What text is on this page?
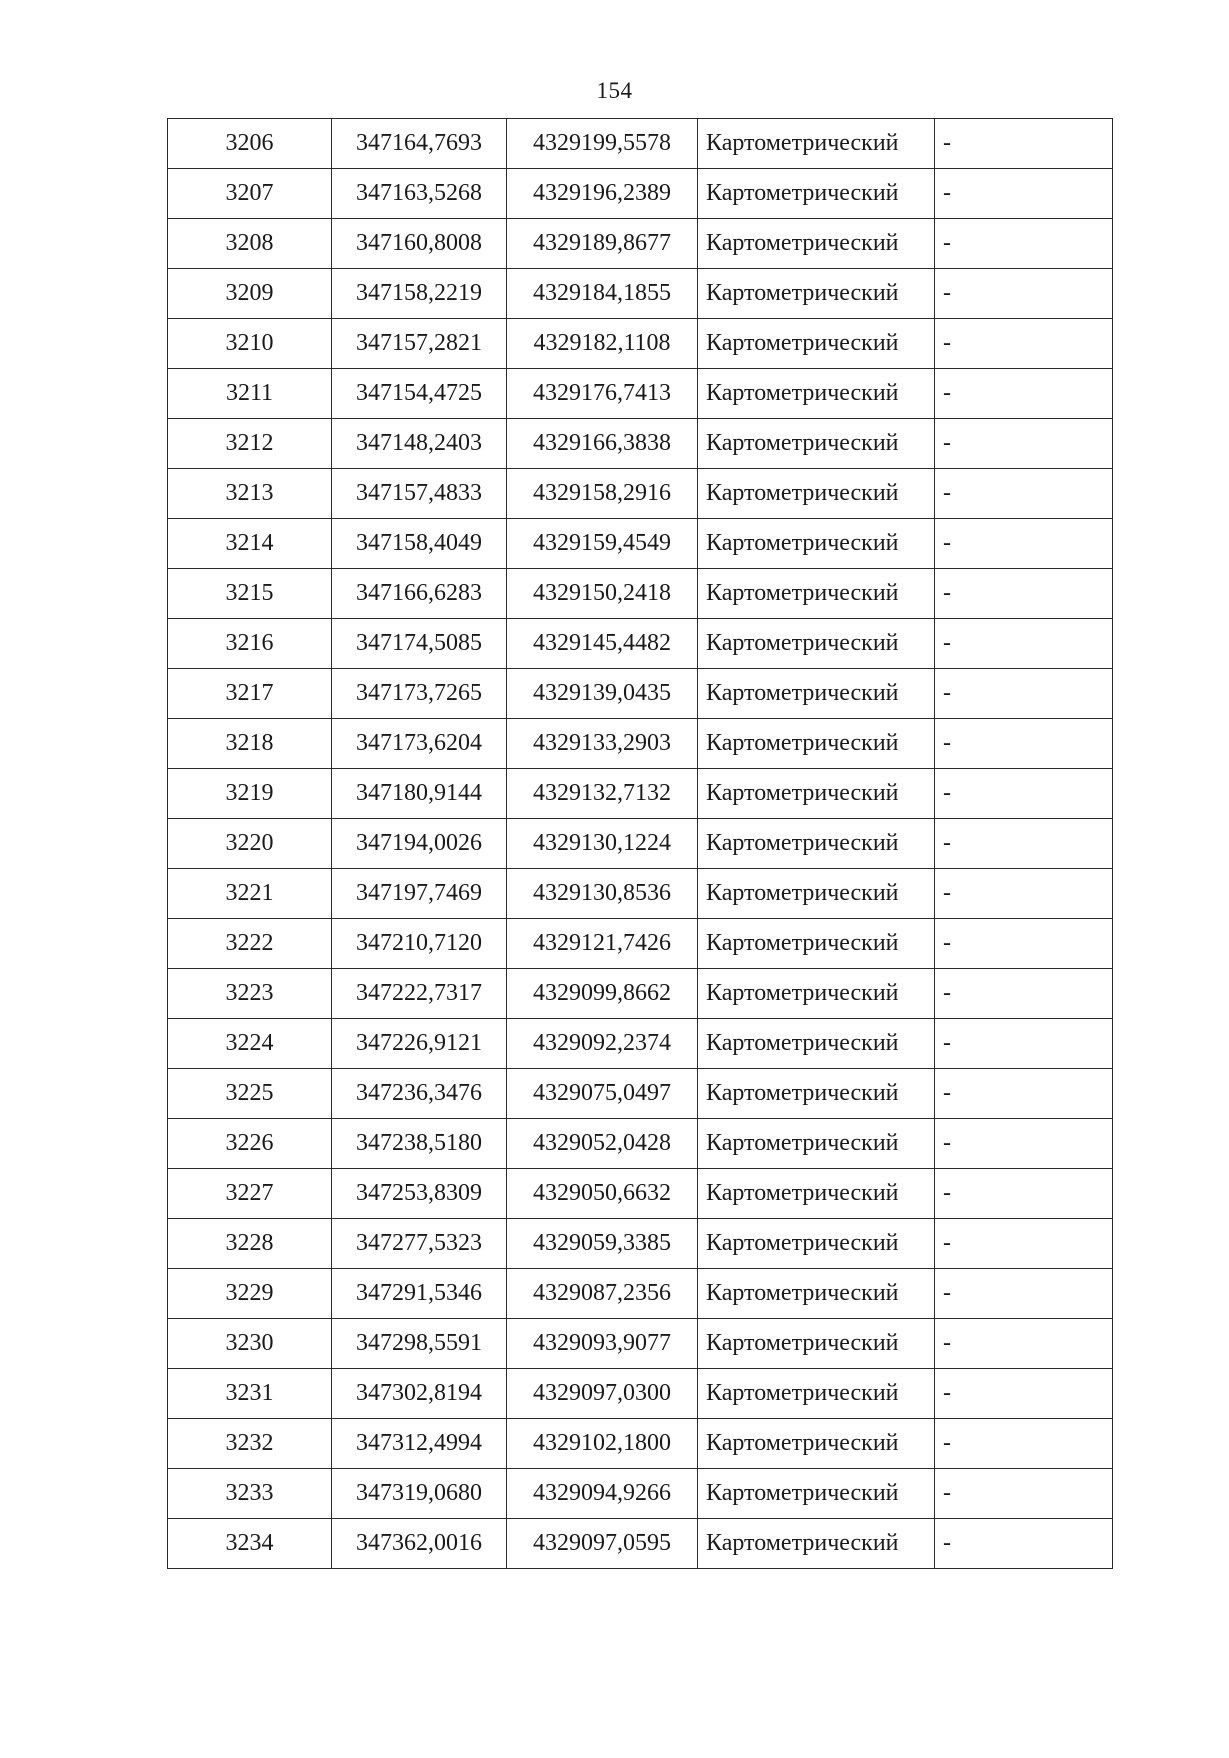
154
3206	347164,7693	4329199,5578	Картометрический	-
3207	347163,5268	4329196,2389	Картометрический	-
3208	347160,8008	4329189,8677	Картометрический	-
3209	347158,2219	4329184,1855	Картометрический	-
3210	347157,2821	4329182,1108	Картометрический	-
3211	347154,4725	4329176,7413	Картометрический	-
3212	347148,2403	4329166,3838	Картометрический	-
3213	347157,4833	4329158,2916	Картометрический	-
3214	347158,4049	4329159,4549	Картометрический	-
3215	347166,6283	4329150,2418	Картометрический	-
3216	347174,5085	4329145,4482	Картометрический	-
3217	347173,7265	4329139,0435	Картометрический	-
3218	347173,6204	4329133,2903	Картометрический	-
3219	347180,9144	4329132,7132	Картометрический	-
3220	347194,0026	4329130,1224	Картометрический	-
3221	347197,7469	4329130,8536	Картометрический	-
3222	347210,7120	4329121,7426	Картометрический	-
3223	347222,7317	4329099,8662	Картометрический	-
3224	347226,9121	4329092,2374	Картометрический	-
3225	347236,3476	4329075,0497	Картометрический	-
3226	347238,5180	4329052,0428	Картометрический	-
3227	347253,8309	4329050,6632	Картометрический	-
3228	347277,5323	4329059,3385	Картометрический	-
3229	347291,5346	4329087,2356	Картометрический	-
3230	347298,5591	4329093,9077	Картометрический	-
3231	347302,8194	4329097,0300	Картометрический	-
3232	347312,4994	4329102,1800	Картометрический	-
3233	347319,0680	4329094,9266	Картометрический	-
3234	347362,0016	4329097,0595	Картометрический	-
